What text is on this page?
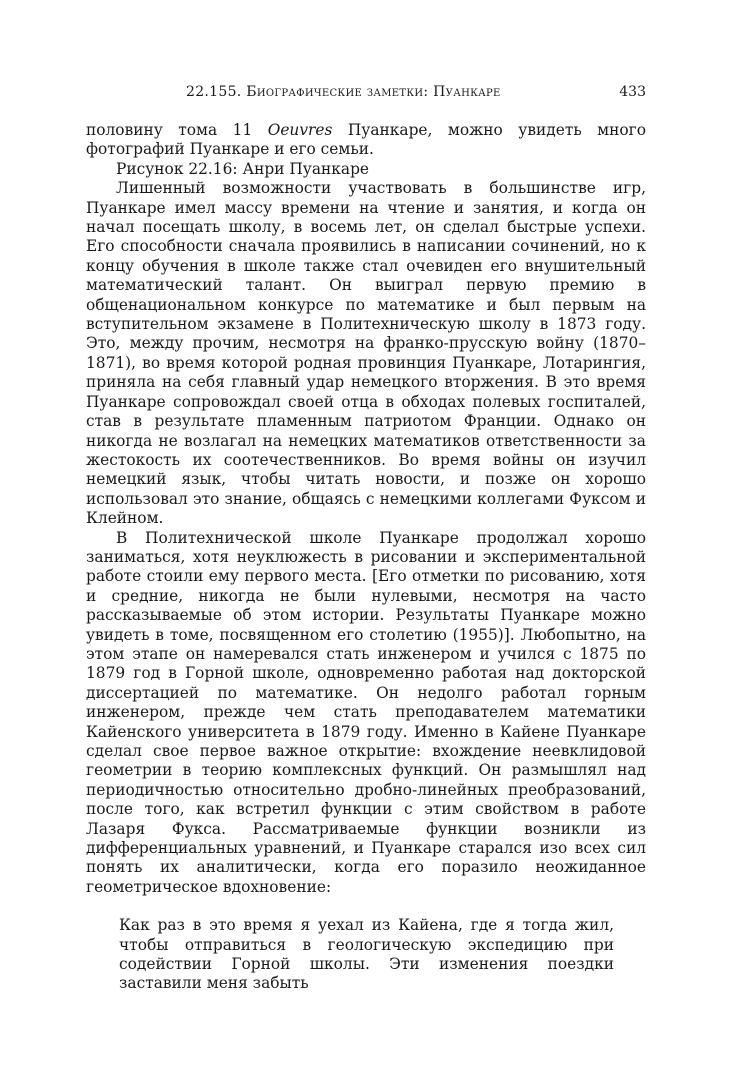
22.155. Биографические заметки: Пуанкаре	433

половину тома 11 Oeuvres Пуанкаре, можно увидеть много фотографий Пуанкаре и его семьи.

Рисунок 22.16: Анри Пуанкаре

Лишенный возможности участвовать в большинстве игр, Пуанкаре имел массу времени на чтение и занятия, и когда он начал посещать школу, в восемь лет, он сделал быстрые успехи. Его способности сначала проявились в написании сочинений, но к концу обучения в школе также стал очевиден его внушительный математический талант. Он выиграл первую премию в общенациональном конкурсе по математике и был первым на вступительном экзамене в Политехническую школу в 1873 году. Это, между прочим, несмотря на франко-прусскую войну (1870–1871), во время которой родная провинция Пуанкаре, Лотарингия, приняла на себя главный удар немецкого вторжения. В это время Пуанкаре сопровождал своей отца в обходах полевых госпиталей, став в результате пламенным патриотом Франции. Однако он никогда не возлагал на немецких математиков ответственности за жестокость их соотечественников. Во время войны он изучил немецкий язык, чтобы читать новости, и позже он хорошо использовал это знание, общаясь с немецкими коллегами Фуксом и Клейном.

В Политехнической школе Пуанкаре продолжал хорошо заниматься, хотя неуклюжесть в рисовании и экспериментальной работе стоили ему первого места. [Его отметки по рисованию, хотя и средние, никогда не были нулевыми, несмотря на часто рассказываемые об этом истории. Результаты Пуанкаре можно увидеть в томе, посвященном его столетию (1955)]. Любопытно, на этом этапе он намеревался стать инженером и учился с 1875 по 1879 год в Горной школе, одновременно работая над докторской диссертацией по математике. Он недолго работал горным инженером, прежде чем стать преподавателем математики Кайенского университета в 1879 году. Именно в Кайене Пуанкаре сделал свое первое важное открытие: вхождение неевклидовой геометрии в теорию комплексных функций. Он размышлял над периодичностью относительно дробно-линейных преобразований, после того, как встретил функции с этим свойством в работе Лазаря Фукса. Рассматриваемые функции возникли из дифференциальных уравнений, и Пуанкаре старался изо всех сил понять их аналитически, когда его поразило неожиданное геометрическое вдохновение:

Как раз в это время я уехал из Кайена, где я тогда жил, чтобы отправиться в геологическую экспедицию при содействии Горной школы. Эти изменения поездки заставили меня забыть
